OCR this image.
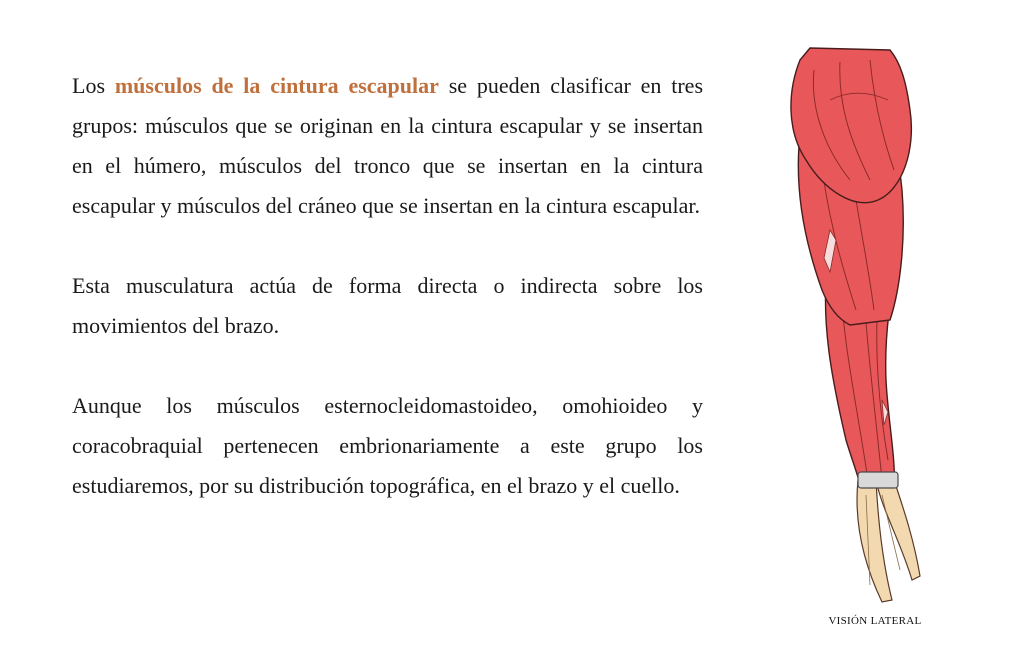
Los músculos de la cintura escapular se pueden clasificar en tres grupos: músculos que se originan en la cintura escapular y se insertan en el húmero, músculos del tronco que se insertan en la cintura escapular y músculos del cráneo que se insertan en la cintura escapular.

Esta musculatura actúa de forma directa o indirecta sobre los movimientos del brazo.

Aunque los músculos esternocleidomastoideo, omohioideo y coracobraquial pertenecen embrionariamente a este grupo los estudiaremos, por su distribución topográfica, en el brazo y el cuello.

VISIÓN LATERAL
